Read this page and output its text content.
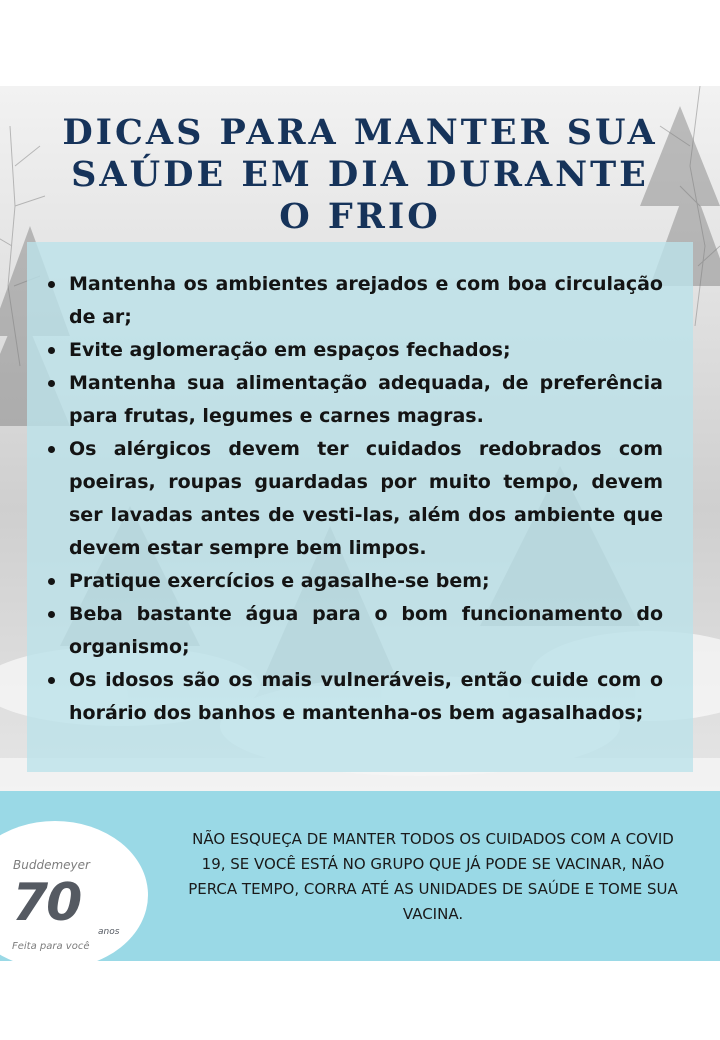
DICAS PARA MANTER SUA SAÚDE EM DIA DURANTE O FRIO
Mantenha os ambientes arejados e com boa circulação de ar;
Evite aglomeração em espaços fechados;
Mantenha sua alimentação adequada, de preferência para frutas, legumes e carnes magras.
Os alérgicos devem ter cuidados redobrados com poeiras, roupas guardadas por muito tempo, devem ser lavadas antes de vesti-las, além dos ambiente que devem estar sempre bem limpos.
Pratique exercícios e agasalhe-se bem;
Beba bastante água para o bom funcionamento do organismo;
Os idosos são os mais vulneráveis, então cuide com o horário dos banhos e mantenha-os bem agasalhados;
Buddemeyer
70 anos
Feita para você

NÃO ESQUEÇA DE MANTER TODOS OS CUIDADOS COM A COVID 19, SE VOCÊ ESTÁ NO GRUPO QUE JÁ PODE SE VACINAR, NÃO PERCA TEMPO, CORRA ATÉ AS UNIDADES DE SAÚDE E TOME SUA VACINA.
